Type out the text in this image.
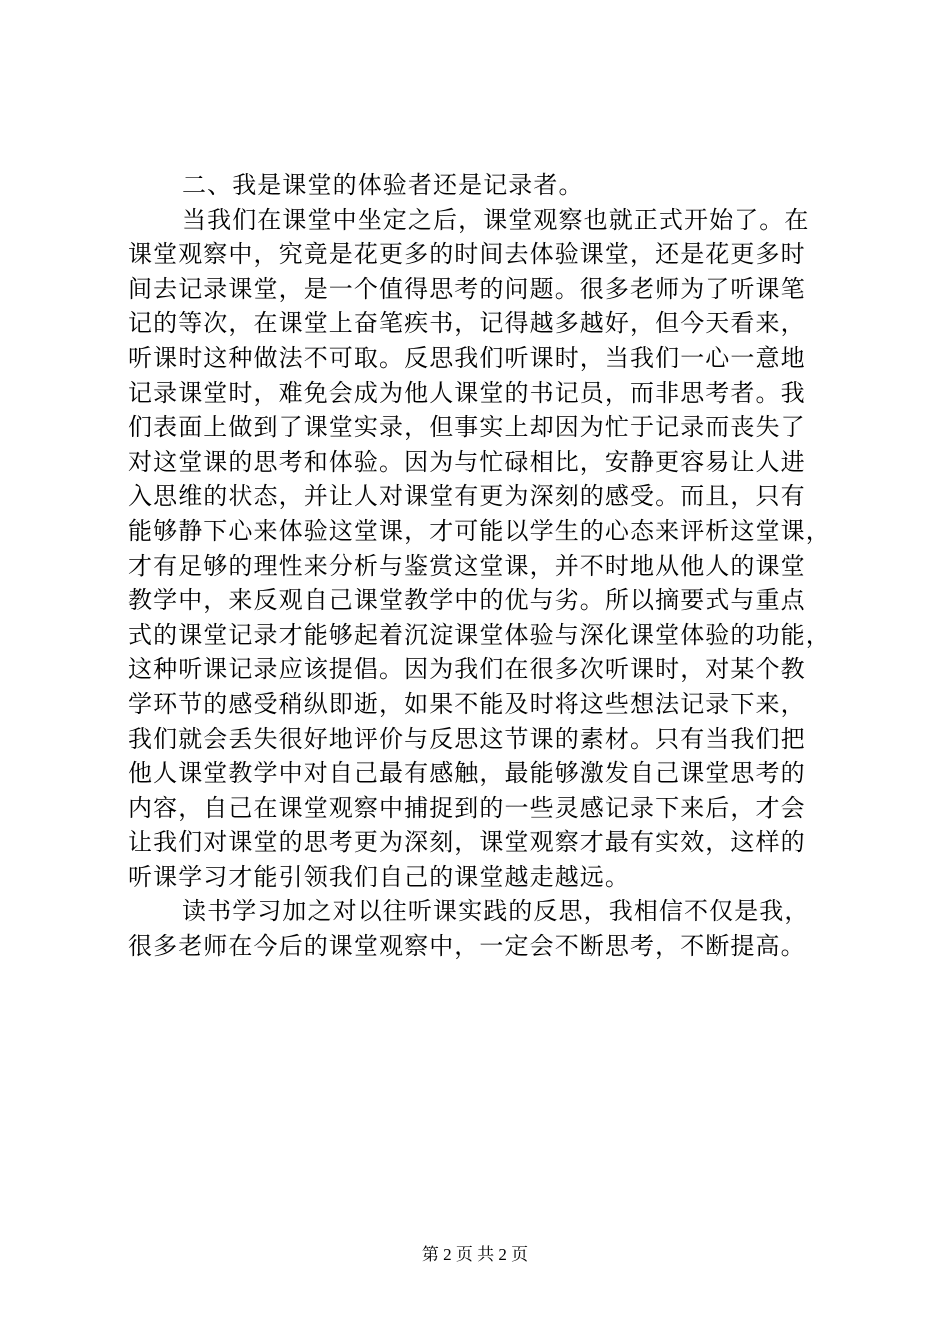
二、我是课堂的体验者还是记录者。
当我们在课堂中坐定之后，课堂观察也就正式开始了。在
课堂观察中，究竟是花更多的时间去体验课堂，还是花更多时
间去记录课堂，是一个值得思考的问题。很多老师为了听课笔
记的等次，在课堂上奋笔疾书，记得越多越好，但今天看来，
听课时这种做法不可取。反思我们听课时，当我们一心一意地
记录课堂时，难免会成为他人课堂的书记员，而非思考者。我
们表面上做到了课堂实录，但事实上却因为忙于记录而丧失了
对这堂课的思考和体验。因为与忙碌相比，安静更容易让人进
入思维的状态，并让人对课堂有更为深刻的感受。而且，只有
能够静下心来体验这堂课，才可能以学生的心态来评析这堂课，
才有足够的理性来分析与鉴赏这堂课，并不时地从他人的课堂
教学中，来反观自己课堂教学中的优与劣。所以摘要式与重点
式的课堂记录才能够起着沉淀课堂体验与深化课堂体验的功能，
这种听课记录应该提倡。因为我们在很多次听课时，对某个教
学环节的感受稍纵即逝，如果不能及时将这些想法记录下来，
我们就会丢失很好地评价与反思这节课的素材。只有当我们把
他人课堂教学中对自己最有感触，最能够激发自己课堂思考的
内容，自己在课堂观察中捕捉到的一些灵感记录下来后，才会
让我们对课堂的思考更为深刻，课堂观察才最有实效，这样的
听课学习才能引领我们自己的课堂越走越远。
读书学习加之对以往听课实践的反思，我相信不仅是我，
很多老师在今后的课堂观察中，一定会不断思考，不断提高。
第 2 页 共 2 页
